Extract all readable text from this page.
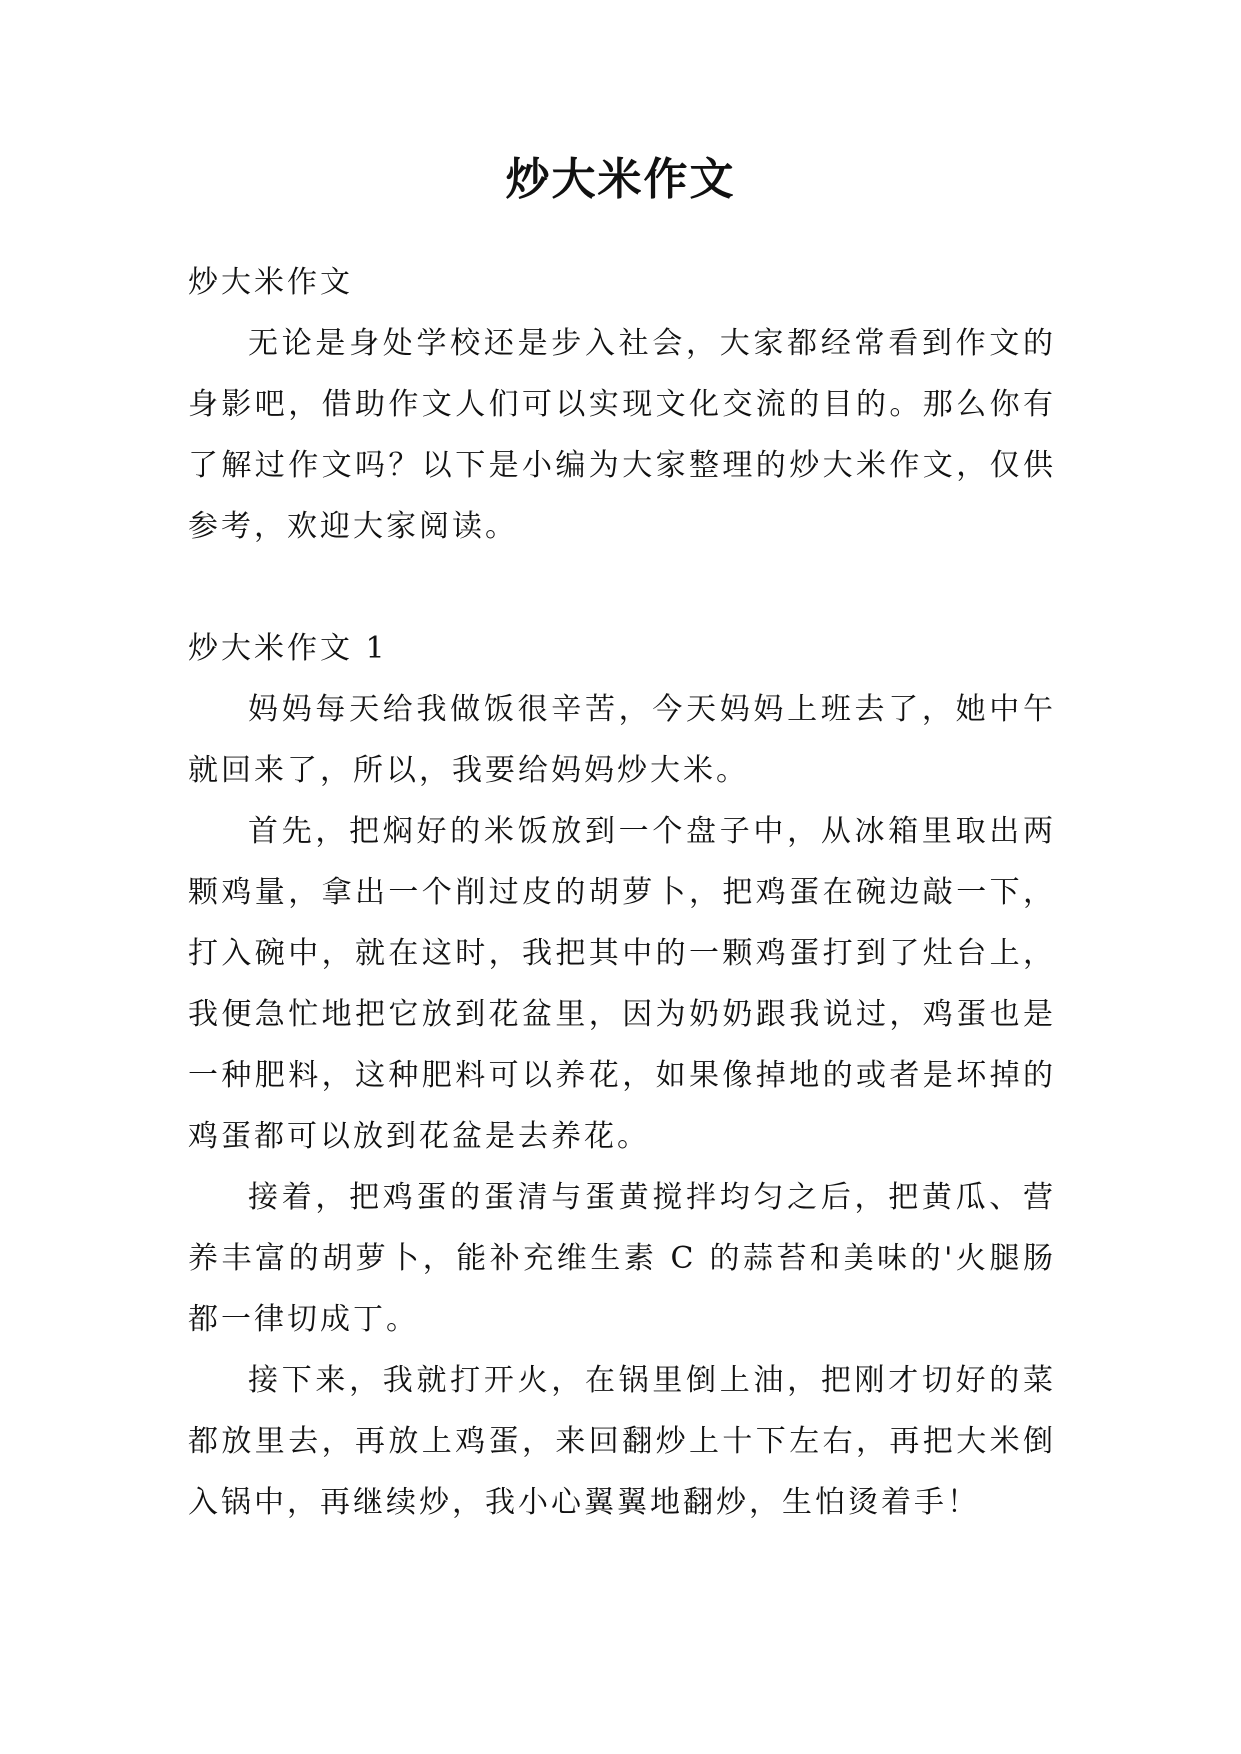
炒大米作文

炒大米作文

无论是身处学校还是步入社会，大家都经常看到作文的身影吧，借助作文人们可以实现文化交流的目的。那么你有了解过作文吗？以下是小编为大家整理的炒大米作文，仅供参考，欢迎大家阅读。

炒大米作文 1

妈妈每天给我做饭很辛苦，今天妈妈上班去了，她中午就回来了，所以，我要给妈妈炒大米。

首先，把焖好的米饭放到一个盘子中，从冰箱里取出两颗鸡量，拿出一个削过皮的胡萝卜，把鸡蛋在碗边敲一下，打入碗中，就在这时，我把其中的一颗鸡蛋打到了灶台上，我便急忙地把它放到花盆里，因为奶奶跟我说过，鸡蛋也是一种肥料，这种肥料可以养花，如果像掉地的或者是坏掉的鸡蛋都可以放到花盆是去养花。

接着，把鸡蛋的蛋清与蛋黄搅拌均匀之后，把黄瓜、营养丰富的胡萝卜，能补充维生素 C 的蒜苔和美味的'火腿肠都一律切成丁。

接下来，我就打开火，在锅里倒上油，把刚才切好的菜都放里去，再放上鸡蛋，来回翻炒上十下左右，再把大米倒入锅中，再继续炒，我小心翼翼地翻炒，生怕烫着手！
